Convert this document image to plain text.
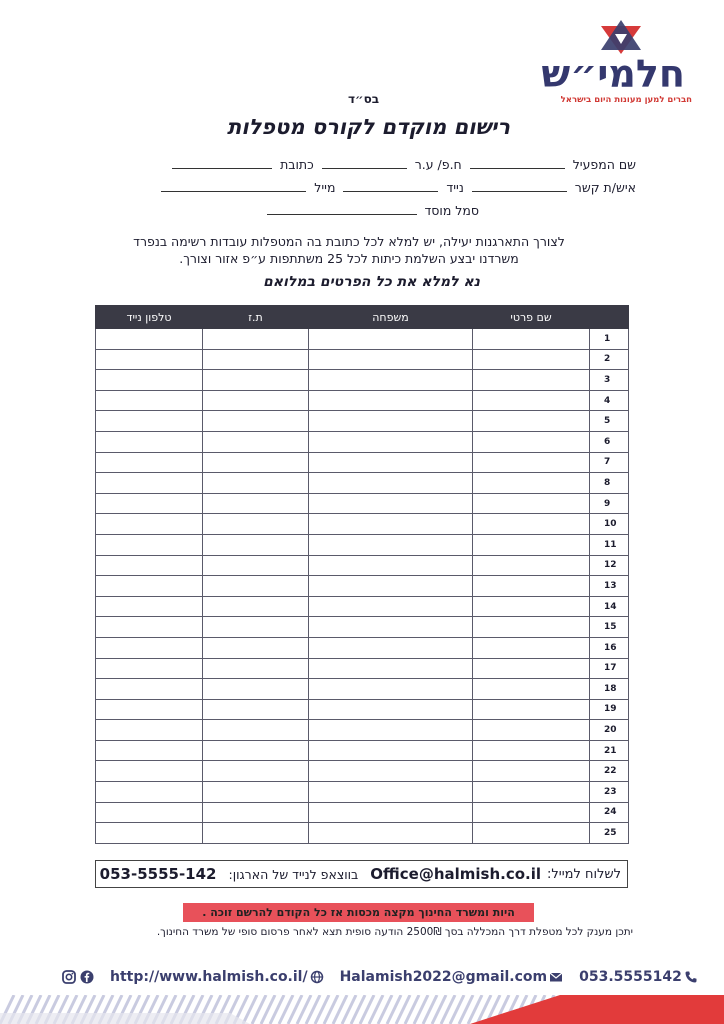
חלמי״ש
חברים למען מעונות היום בישראל
בס״ד
רישום מוקדם לקורס מטפלות
שם המפעיל  ח.פ/ ע.ר  כתובת
איש/ת קשר  נייד  מייל
סמל מוסד
לצורך התארגנות יעילה, יש למלא לכל כתובת בה המטפלות עובדות רשימה בנפרד
משרדנו יבצע השלמת כיתות לכל 25 משתתפות ע״פ אזור וצורך.
נא למלא את כל הפרטים במלואם
	שם פרטי	משפחה	ת.ז	טלפון נייד
1				
2				
3				
4				
5				
6				
7				
8				
9				
10				
11				
12				
13				
14				
15				
16				
17				
18				
19				
20				
21				
22				
23				
24				
25				
לשלוח למייל:
Office@halmish.co.il
בווצאפ לנייד של הארגון:
053-5555-142
היות ומשרד החינוך מקצה מכסות אז כל הקודם להרשם זוכה .
יתכן מענק לכל מטפלת דרך המכללה בסך 2500₪ הודעה סופית תצא לאחר פרסום סופי של משרד החינוך.
http://www.halmish.co.il/ Halamish2022@gmail.com 053.5555142
